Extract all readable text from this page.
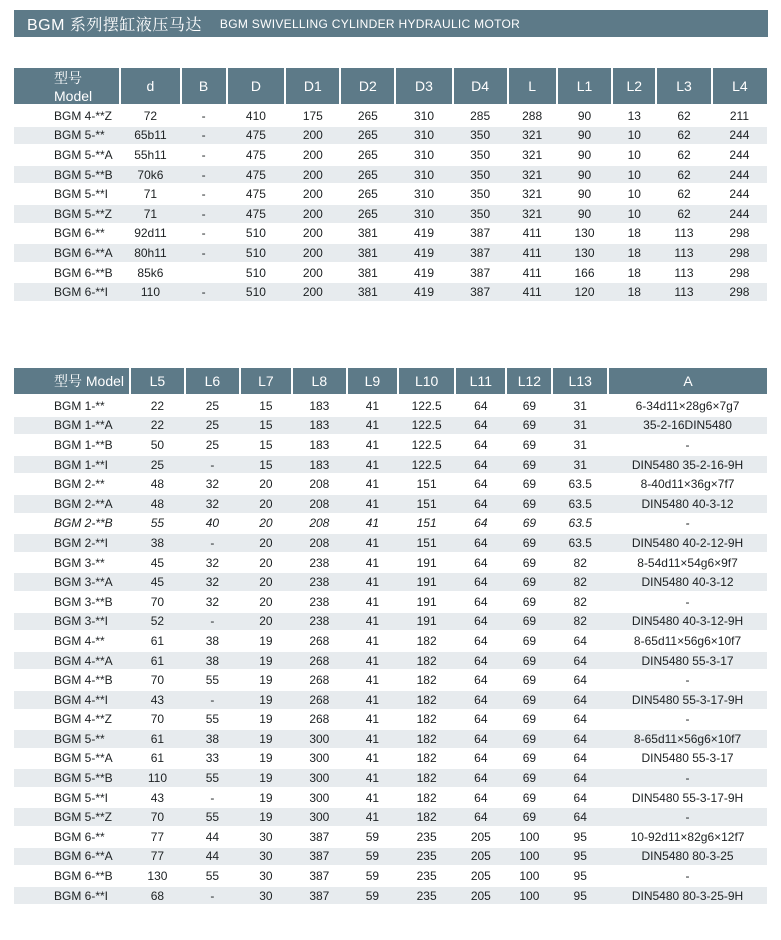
BGM 系列摆缸液压马达 BGM SWIVELLING CYLINDER HYDRAULIC MOTOR
型号 Model	d	B	D	D1	D2	D3	D4	L	L1	L2	L3	L4
BGM 4-**Z	72	-	410	175	265	310	285	288	90	13	62	211
BGM 5-**	65b11	-	475	200	265	310	350	321	90	10	62	244
BGM 5-**A	55h11	-	475	200	265	310	350	321	90	10	62	244
BGM 5-**B	70k6	-	475	200	265	310	350	321	90	10	62	244
BGM 5-**I	71	-	475	200	265	310	350	321	90	10	62	244
BGM 5-**Z	71	-	475	200	265	310	350	321	90	10	62	244
BGM 6-**	92d11	-	510	200	381	419	387	411	130	18	113	298
BGM 6-**A	80h11	-	510	200	381	419	387	411	130	18	113	298
BGM 6-**B	85k6		510	200	381	419	387	411	166	18	113	298
BGM 6-**I	110	-	510	200	381	419	387	411	120	18	113	298
型号 Model	L5	L6	L7	L8	L9	L10	L11	L12	L13	A
BGM 1-**	22	25	15	183	41	122.5	64	69	31	6-34d11×28g6×7g7
BGM 1-**A	22	25	15	183	41	122.5	64	69	31	35-2-16DIN5480
BGM 1-**B	50	25	15	183	41	122.5	64	69	31	-
BGM 1-**I	25	-	15	183	41	122.5	64	69	31	DIN5480 35-2-16-9H
BGM 2-**	48	32	20	208	41	151	64	69	63.5	8-40d11×36g×7f7
BGM 2-**A	48	32	20	208	41	151	64	69	63.5	DIN5480 40-3-12
BGM 2-**B	55	40	20	208	41	151	64	69	63.5	-
BGM 2-**I	38	-	20	208	41	151	64	69	63.5	DIN5480 40-2-12-9H
BGM 3-**	45	32	20	238	41	191	64	69	82	8-54d11×54g6×9f7
BGM 3-**A	45	32	20	238	41	191	64	69	82	DIN5480 40-3-12
BGM 3-**B	70	32	20	238	41	191	64	69	82	-
BGM 3-**I	52	-	20	238	41	191	64	69	82	DIN5480 40-3-12-9H
BGM 4-**	61	38	19	268	41	182	64	69	64	8-65d11×56g6×10f7
BGM 4-**A	61	38	19	268	41	182	64	69	64	DIN5480 55-3-17
BGM 4-**B	70	55	19	268	41	182	64	69	64	-
BGM 4-**I	43	-	19	268	41	182	64	69	64	DIN5480 55-3-17-9H
BGM 4-**Z	70	55	19	268	41	182	64	69	64	-
BGM 5-**	61	38	19	300	41	182	64	69	64	8-65d11×56g6×10f7
BGM 5-**A	61	33	19	300	41	182	64	69	64	DIN5480 55-3-17
BGM 5-**B	110	55	19	300	41	182	64	69	64	-
BGM 5-**I	43	-	19	300	41	182	64	69	64	DIN5480 55-3-17-9H
BGM 5-**Z	70	55	19	300	41	182	64	69	64	-
BGM 6-**	77	44	30	387	59	235	205	100	95	10-92d11×82g6×12f7
BGM 6-**A	77	44	30	387	59	235	205	100	95	DIN5480 80-3-25
BGM 6-**B	130	55	30	387	59	235	205	100	95	-
BGM 6-**I	68	-	30	387	59	235	205	100	95	DIN5480 80-3-25-9H
